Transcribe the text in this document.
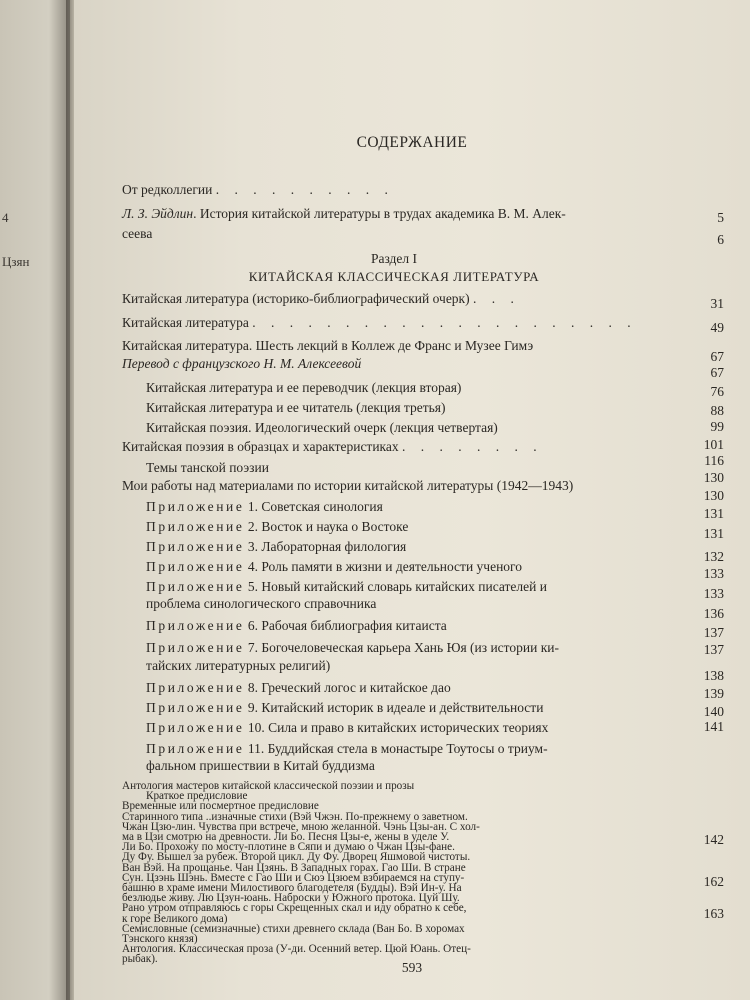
4
Цзян
СОДЕРЖАНИЕ
От редколлегии . . . . . . . . . .
Л. З. Эйдлин. История китайской литературы в трудах академика В. М. Алек-
сеева
Раздел I
КИТАЙСКАЯ КЛАССИЧЕСКАЯ ЛИТЕРАТУРА
Китайская литература (историко-библиографический очерк) . . .
Китайская литература . . . . . . . . . . . . . . . . . . . . .
Китайская литература. Шесть лекций в Коллеж де Франс и Музее Гимэ
Перевод с французского Н. М. Алексеевой
Китайская литература и ее переводчик (лекция вторая)
Китайская литература и ее читатель (лекция третья)
Китайская поэзия. Идеологический очерк (лекция четвертая)
Китайская поэзия в образцах и характеристиках . . . . . . . .
Темы танской поэзии
Мои работы над материалами по истории китайской литературы (1942—1943)
Приложение 1. Советская синология
Приложение 2. Восток и наука о Востоке
Приложение 3. Лабораторная филология
Приложение 4. Роль памяти в жизни и деятельности ученого
Приложение 5. Новый китайский словарь китайских писателей и
проблема синологического справочника
Приложение 6. Рабочая библиография китаиста
Приложение 7. Богочеловеческая карьера Хань Юя (из истории ки-
тайских литературных религий)
Приложение 8. Греческий логос и китайское дао
Приложение 9. Китайский историк в идеале и действительности
Приложение 10. Сила и право в китайских исторических теориях
Приложение 11. Буддийская стела в монастыре Тоутосы о триум-
фальном пришествии в Китай буддизма
Антология мастеров китайской классической поэзии и прозы
Краткое предисловие
Временные или посмертное предисловие
Старинного типа ..изначные стихи (Вэй Чжэн. По-прежнему о заветном.
Чжан Цзю-лин. Чувства при встрече, мною желанной. Чэнь Цзы-ан. С хол-
ма в Цзи смотрю на древности. Ли Бо. Песня Цзы-е, жены в уделе У.
Ли Бо. Прохожу по мосту-плотине в Сяпи и думаю о Чжан Цзы-фане.
Ду Фу. Вышел за рубеж. Второй цикл. Ду Фу. Дворец Яшмовой чистоты.
Ван Вэй. На прощанье. Чан Цзянь. В Западных горах. Гао Ши. В стране
Сун. Цзэнь Шэнь. Вместе с Гао Ши и Сюэ Цзюем взбираемся на ступу-
башню в храме имени Милостивого благодетеля (Будды). Вэй Ин-у. На
безлюдье живу. Лю Цзун-юань. Наброски у Южного протока. Цуй Шу.
Рано утром отправляюсь с горы Скрещенных скал и иду обратно к себе,
к горе Великого дома)
Семисловные (семизначные) стихи древнего склада (Ван Бо. В хоромах
Тэнского князя)
Антология. Классическая проза (У-ди. Осенний ветер. Цюй Юань. Отец-
рыбак).
5
6
31
49
67
67
76
88
99
101
116
130
130
131
131
132
133
133
136
137
137
138
139
140
141
142
162
163
593
